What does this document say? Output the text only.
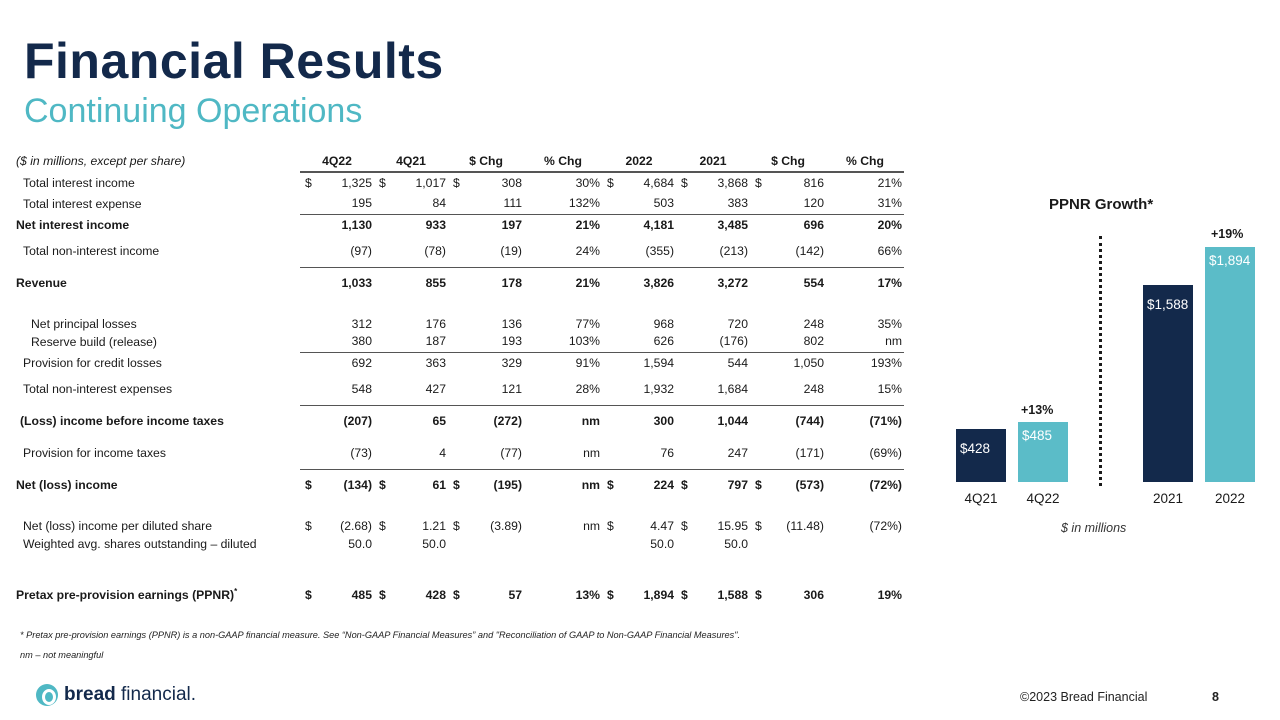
Financial Results
Continuing Operations
($ in millions, except per share)	4Q22		4Q21		$ Chg		% Chg	2022		2021		$ Chg		% Chg
Total interest income	$	1,325	$	1,017	$	308	30%	$	4,684	$	3,868	$	816	21%
Total interest expense		195		84		111	132%		503		383		120	31%
Net interest income		1,130		933		197	21%		4,181		3,485		696	20%
Total non-interest income		(97)		(78)		(19)	24%		(355)		(213)		(142)	66%
Revenue		1,033		855		178	21%		3,826		3,272		554	17%
Net principal losses		312		176		136	77%		968		720		248	35%
Reserve build (release)		380		187		193	103%		626		(176)		802	nm
Provision for credit losses		692		363		329	91%		1,594		544		1,050	193%
Total non-interest expenses		548		427		121	28%		1,932		1,684		248	15%
(Loss) income before income taxes		(207)		65		(272)	nm		300		1,044		(744)	(71%)
Provision for income taxes		(73)		4		(77)	nm		76		247		(171)	(69%)
Net (loss) income	$	(134)	$	61	$	(195)	nm	$	224	$	797	$	(573)	(72%)
Net (loss) income per diluted share	$	(2.68)	$	1.21	$	(3.89)	nm	$	4.47	$	15.95	$	(11.48)	(72%)
Weighted avg. shares outstanding – diluted		50.0		50.0					50.0		50.0			
Pretax pre-provision earnings (PPNR)*	$	485	$	428	$	57	13%	$	1,894	$	1,588	$	306	19%
* Pretax pre-provision earnings (PPNR) is a non-GAAP financial measure. See “Non-GAAP Financial Measures” and "Reconciliation of GAAP to Non-GAAP Financial Measures".
nm – not meaningful
PPNR Growth*
$428
4Q21
$485
4Q22
$1,588
2021
$1,894
2022
+13%
+19%
$ in millions
bread financial.	©2023 Bread Financial	8
